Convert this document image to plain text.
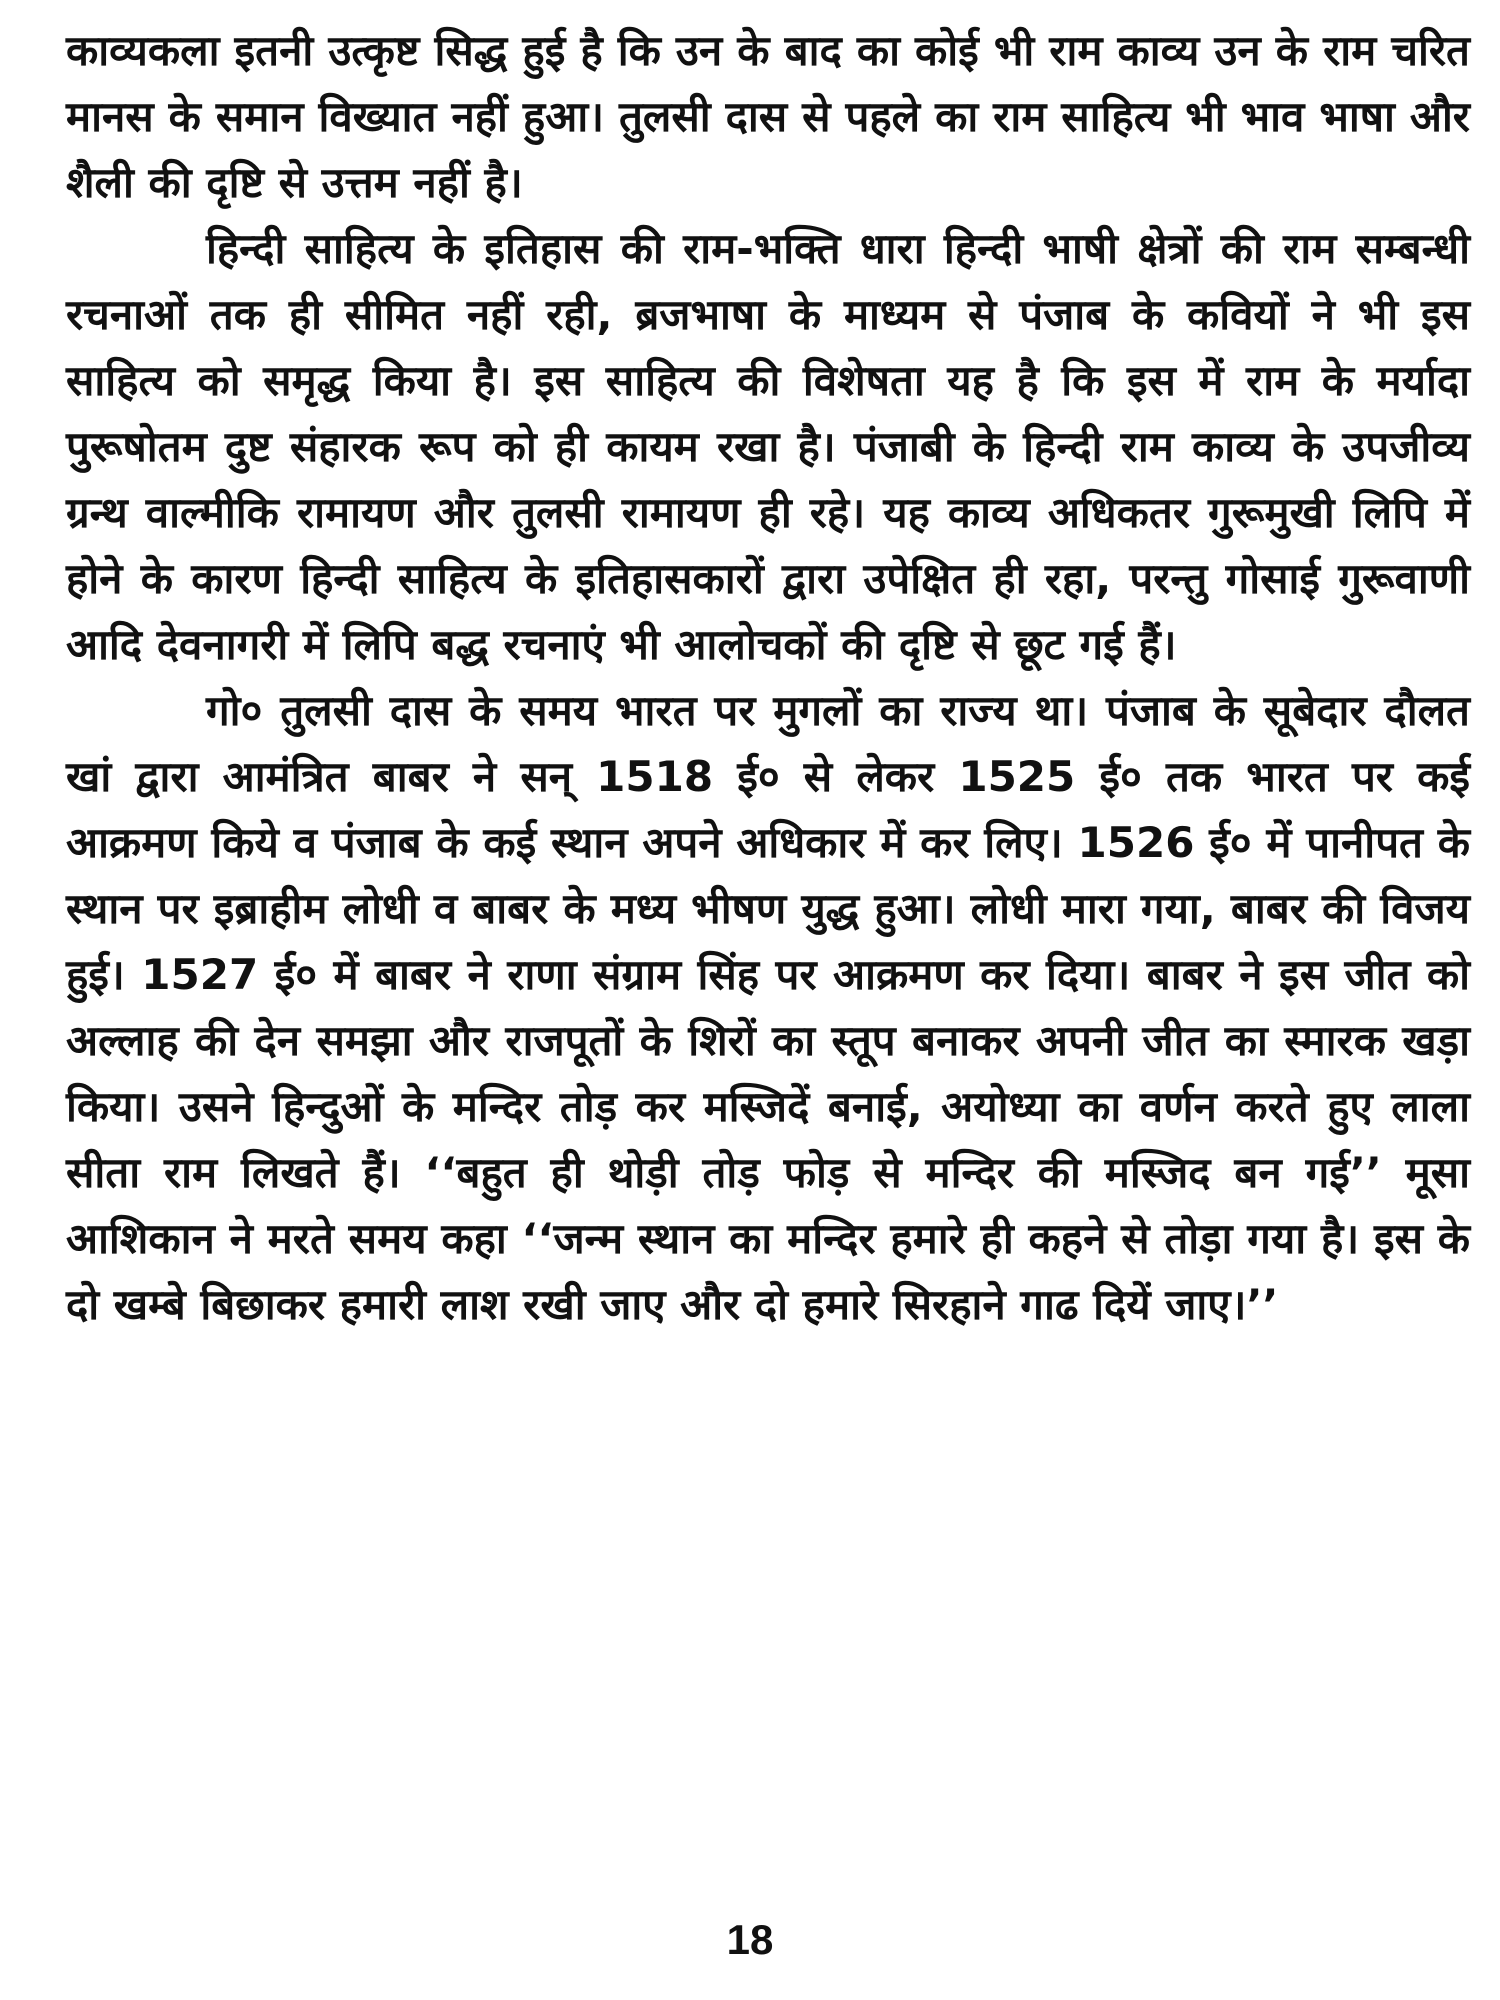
काव्यकला इतनी उत्कृष्ट सिद्ध हुई है कि उन के बाद का कोई भी राम काव्य उन के राम चरित मानस के समान विख्यात नहीं हुआ। तुलसी दास से पहले का राम साहित्य भी भाव भाषा और शैली की दृष्टि से उत्तम नहीं है।

हिन्दी साहित्य के इतिहास की राम-भक्ति धारा हिन्दी भाषी क्षेत्रों की राम सम्बन्धी रचनाओं तक ही सीमित नहीं रही, ब्रजभाषा के माध्यम से पंजाब के कवियों ने भी इस साहित्य को समृद्ध किया है। इस साहित्य की विशेषता यह है कि इस में राम के मर्यादा पुरूषोतम दुष्ट संहारक रूप को ही कायम रखा है। पंजाबी के हिन्दी राम काव्य के उपजीव्य ग्रन्थ वाल्मीकि रामायण और तुलसी रामायण ही रहे। यह काव्य अधिकतर गुरूमुखी लिपि में होने के कारण हिन्दी साहित्य के इतिहासकारों द्वारा उपेक्षित ही रहा, परन्तु गोसाई गुरूवाणी आदि देवनागरी में लिपि बद्ध रचनाएं भी आलोचकों की दृष्टि से छूट गई हैं।

गो० तुलसी दास के समय भारत पर मुगलों का राज्य था। पंजाब के सूबेदार दौलत खां द्वारा आमंत्रित बाबर ने सन् 1518 ई० से लेकर 1525 ई० तक भारत पर कई आक्रमण किये व पंजाब के कई स्थान अपने अधिकार में कर लिए। 1526 ई० में पानीपत के स्थान पर इब्राहीम लोधी व बाबर के मध्य भीषण युद्ध हुआ। लोधी मारा गया, बाबर की विजय हुई। 1527 ई० में बाबर ने राणा संग्राम सिंह पर आक्रमण कर दिया। बाबर ने इस जीत को अल्लाह की देन समझा और राजपूतों के शिरों का स्तूप बनाकर अपनी जीत का स्मारक खड़ा किया। उसने हिन्दुओं के मन्दिर तोड़ कर मस्जिदें बनाई, अयोध्या का वर्णन करते हुए लाला सीता राम लिखते हैं। ‘‘बहुत ही थोड़ी तोड़ फोड़ से मन्दिर की मस्जिद बन गई’’ मूसा आशिकान ने मरते समय कहा ‘‘जन्म स्थान का मन्दिर हमारे ही कहने से तोड़ा गया है। इस के दो खम्बे बिछाकर हमारी लाश रखी जाए और दो हमारे सिरहाने गाढ दियें जाए।’’

18
